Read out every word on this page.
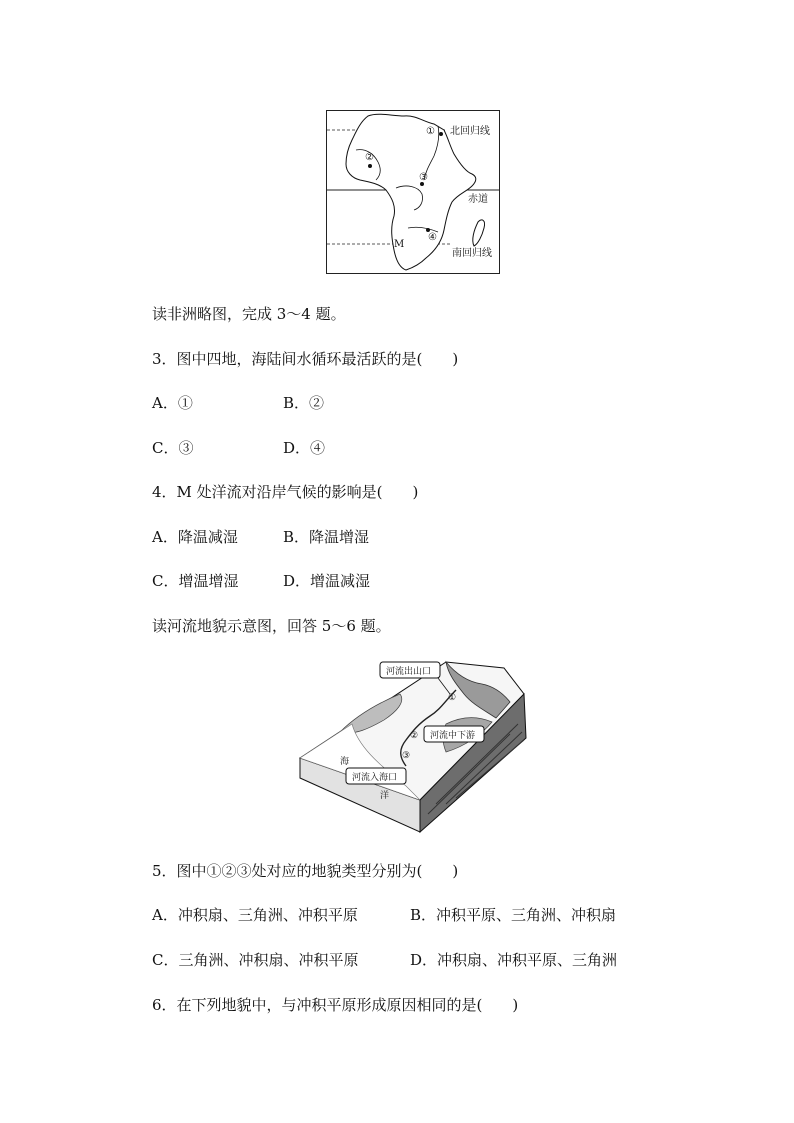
①
②
③
④
M
北回归线
赤道
南回归线
读非洲略图，完成 3～4 题。
3．图中四地，海陆间水循环最活跃的是(　　)
A．①	B．②
C．③	D．④
4．M 处洋流对沿岸气候的影响是(　　)
A．降温减湿	B．降温增湿
C．增温增湿	D．增温减湿
读河流地貌示意图，回答 5～6 题。
河流出山口
河流中下游
河流入海口
①
②
③
海
洋
5．图中①②③处对应的地貌类型分别为(　　)
A．冲积扇、三角洲、冲积平原	B．冲积平原、三角洲、冲积扇
C．三角洲、冲积扇、冲积平原	D．冲积扇、冲积平原、三角洲
6．在下列地貌中，与冲积平原形成原因相同的是(　　)
